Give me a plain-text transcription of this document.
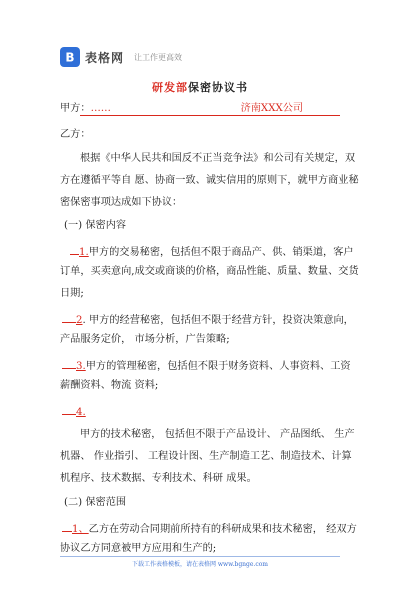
B 表格网 让工作更高效
研发部保密协议书
甲方：……	济南XXX公司
乙方：
根据《中华人民共和国反不正当竞争法》和公司有关规定，双
方在遵循平等自 愿、协商一致、诚实信用的原则下，就甲方商业秘
密保密事项达成如下协议：
(一) 保密内容
1.甲方的交易秘密，包括但不限于商品产、供、销渠道，客户
订单，买卖意向,成交或商谈的价格，商品性能、质量、数量、交货
日期;
2. 甲方的经营秘密，包括但不限于经营方针，投资决策意向，
产品服务定价， 市场分析，广告策略;
3.甲方的管理秘密，包括但不限于财务资料、人事资料、工资
薪酬资料、物流 资料;
4.
甲方的技术秘密， 包括但不限于产品设计、 产品图纸、 生产
机器、 作业指引、 工程设计图、生产制造工艺、制造技术、计算
机程序、技术数据、专利技术、科研 成果。
(二) 保密范围
1、乙方在劳动合同期前所持有的科研成果和技术秘密， 经双方
协议乙方同意被甲方应用和生产的;
下载工作表格模板，请在表格网 www.bgnge.com
